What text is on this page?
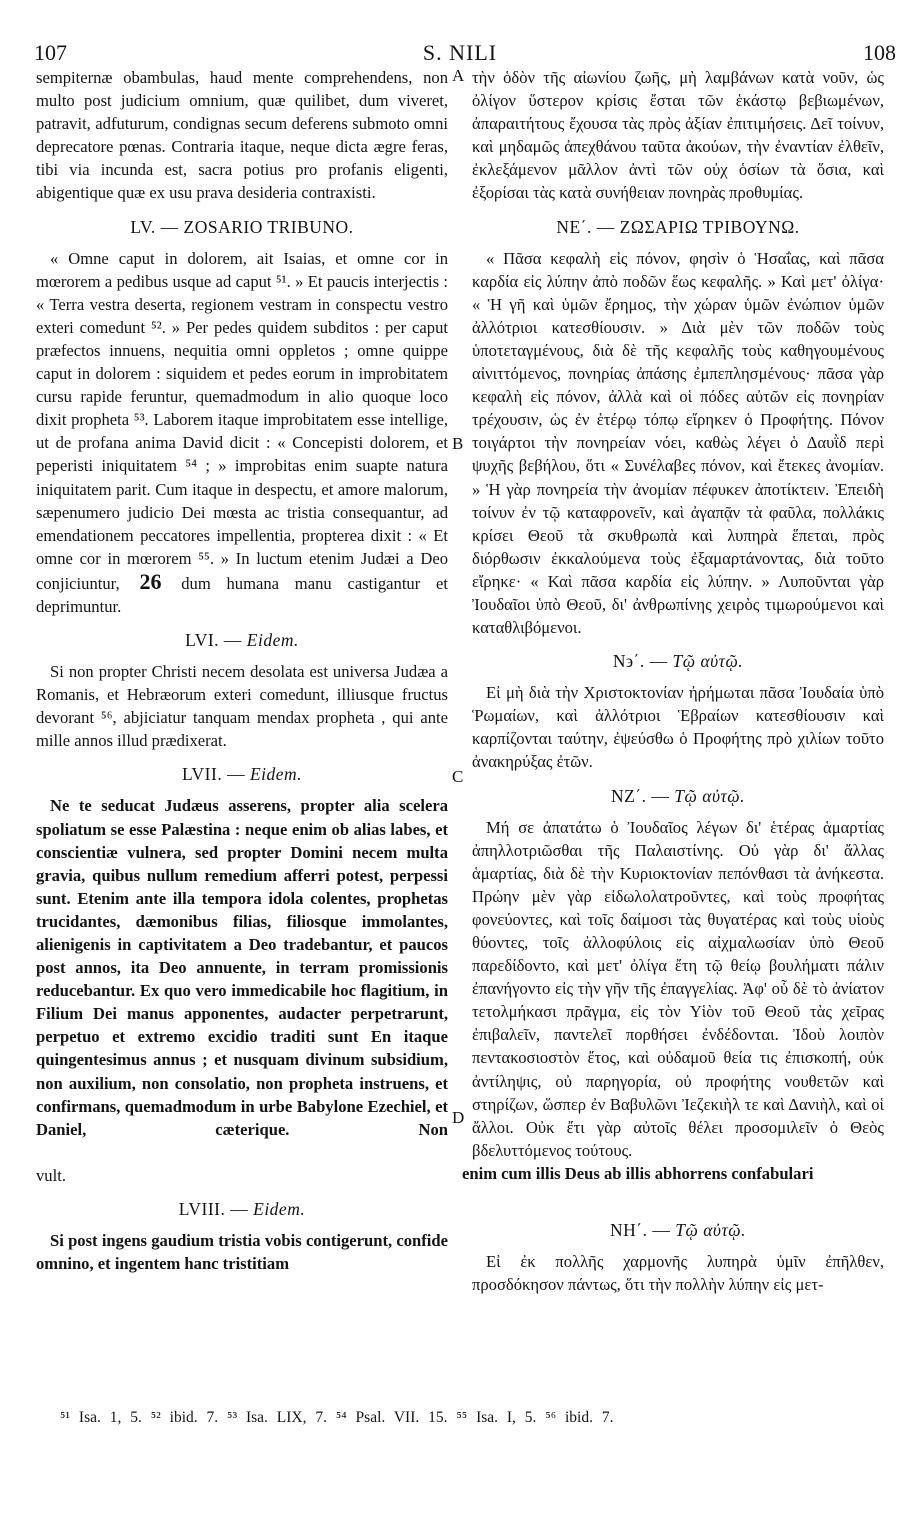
S. NILI
107	108
A
B
C
D

sempiternæ obambulas, haud mente comprehendens, non multo post judicium omnium, quæ quilibet, dum viveret, patravit, adfuturum, condignas secum deferens submoto omni deprecatore pœnas. Contraria itaque, neque dicta ægre feras, tibi via incunda est, sacra potius pro profanis eligenti, abigentique quæ ex usu prava desideria contraxisti.

LV. — ZOSARIO TRIBUNO.

« Omne caput in dolorem, ait Isaias, et omne cor in mœrorem a pedibus usque ad caput ⁵¹. » Et paucis interjectis : « Terra vestra deserta, regionem vestram in conspectu vestro exteri comedunt ⁵². » Per pedes quidem subditos : per caput præfectos innuens, nequitia omni oppletos ; omne quippe caput in dolorem : siquidem et pedes eorum in improbitatem cursu rapide feruntur, quemadmodum in alio quoque loco dixit propheta ⁵³. Laborem itaque improbitatem esse intellige, ut de profana anima David dicit : « Concepisti dolorem, et peperisti iniquitatem ⁵⁴ ; » improbitas enim suapte natura iniquitatem parit. Cum itaque in despectu, et amore malorum, sæpenumero judicio Dei mœsta ac tristia consequantur, ad emendationem peccatores impellentia, propterea dixit : « Et omne cor in mœrorem ⁵⁵. » In luctum etenim Judæi a Deo conjiciuntur, 26 dum humana manu castigantur et deprimuntur.

LVI. — Eidem.

Si non propter Christi necem desolata est universa Judæa a Romanis, et Hebræorum exteri comedunt, illiusque fructus devorant ⁵⁶, abjiciatur tanquam mendax propheta , qui ante mille annos illud prædixerat.

LVII. — Eidem.

Ne te seducat Judæus asserens, propter alia scelera spoliatum se esse Palæstina : neque enim ob alias labes, et conscientiæ vulnera, sed propter Domini necem multa gravia, quibus nullum remedium afferri potest, perpessi sunt. Etenim ante illa tempora idola colentes, prophetas trucidantes, dæmonibus filias, filiosque immolantes, alienigenis in captivitatem a Deo tradebantur, et paucos post annos, ita Deo annuente, in terram promissionis reducebantur. Ex quo vero immedicabile hoc flagitium, in Filium Dei manus apponentes, audacter perpetrarunt, perpetuo et extremo excidio traditi sunt En itaque quingentesimus annus ; et nusquam divinum subsidium, non auxilium, non consolatio, non propheta instruens, et confirmans, quemadmodum in urbe Babylone Ezechiel, et Daniel, cæterique. Non

vult.

LVIII. — Eidem.

Si post ingens gaudium tristia vobis contigerunt, confide omnino, et ingentem hanc tristitiam

τὴν ὁδὸν τῆς αἰωνίου ζωῆς, μὴ λαμβάνων κατὰ νοῦν, ὡς ὀλίγον ὕστερον κρίσις ἔσται τῶν ἑκάστῳ βεβιωμένων, ἀπαραιτήτους ἔχουσα τὰς πρὸς ἀξίαν ἐπιτιμήσεις. Δεῖ τοίνυν, καὶ μηδαμῶς ἀπεχθάνου ταῦτα ἀκούων, τὴν ἐναντίαν ἐλθεῖν, ἐκλεξάμενον μᾶλλον ἀντὶ τῶν οὐχ ὁσίων τὰ ὅσια, καὶ ἐξορίσαι τὰς κατὰ συνήθειαν πονηρὰς προθυμίας.

ΝΕ΄. — ΖΩΣΑΡΙΩ ΤΡΙΒΟΥΝΩ.

« Πᾶσα κεφαλὴ εἰς πόνον, φησὶν ὁ Ἡσαΐας, καὶ πᾶσα καρδία εἰς λύπην ἀπὸ ποδῶν ἕως κεφαλῆς. » Καὶ μετ' ὀλίγα· « Ἡ γῆ καὶ ὑμῶν ἔρημος, τὴν χώραν ὑμῶν ἐνώπιον ὑμῶν ἀλλότριοι κατεσθίουσιν. » Διὰ μὲν τῶν ποδῶν τοὺς ὑποτεταγμένους, διὰ δὲ τῆς κεφαλῆς τοὺς καθηγουμένους αἰνιττόμενος, πονηρίας ἀπάσης ἐμπεπλησμένους· πᾶσα γὰρ κεφαλὴ εἰς πόνον, ἀλλὰ καὶ οἱ πόδες αὐτῶν εἰς πονηρίαν τρέχουσιν, ὡς ἐν ἑτέρῳ τόπῳ εἴρηκεν ὁ Προφήτης. Πόνον τοιγάρτοι τὴν πονηρείαν νόει, καθὼς λέγει ὁ Δαυῒδ περὶ ψυχῆς βεβήλου, ὅτι « Συνέλαβες πόνον, καὶ ἔτεκες ἀνομίαν. » Ἡ γὰρ πονηρεία τὴν ἀνομίαν πέφυκεν ἀποτίκτειν. Ἐπειδὴ τοίνυν ἐν τῷ καταφρονεῖν, καὶ ἀγαπᾷν τὰ φαῦλα, πολλάκις κρίσει Θεοῦ τὰ σκυθρωπὰ καὶ λυπηρὰ ἕπεται, πρὸς διόρθωσιν ἐκκαλούμενα τοὺς ἐξαμαρτάνοντας, διὰ τοῦτο εἴρηκε· « Καὶ πᾶσα καρδία εἰς λύπην. » Λυποῦνται γὰρ Ἰουδαῖοι ὑπὸ Θεοῦ, δι' ἀνθρωπίνης χειρὸς τιμωρούμενοι καὶ καταθλιβόμενοι.

Ν϶΄. — Τῷ αὐτῷ.

Εἰ μὴ διὰ τὴν Χριστοκτονίαν ἠρήμωται πᾶσα Ἰουδαία ὑπὸ Ῥωμαίων, καὶ ἀλλότριοι Ἑβραίων κατεσθίουσιν καὶ καρπίζονται ταύτην, ἐψεύσθω ὁ Προφήτης πρὸ χιλίων τοῦτο ἀνακηρύξας ἐτῶν.

ΝΖ΄. — Τῷ αὐτῷ.

Μή σε ἀπατάτω ὁ Ἰουδαῖος λέγων δι' ἑτέρας ἁμαρτίας ἀπηλλοτριῶσθαι τῆς Παλαιστίνης. Οὐ γὰρ δι' ἄλλας ἁμαρτίας, διὰ δὲ τὴν Κυριοκτονίαν πεπόνθασι τὰ ἀνήκεστα. Πρώην μὲν γὰρ εἰδωλολατροῦντες, καὶ τοὺς προφήτας φονεύοντες, καὶ τοῖς δαίμοσι τὰς θυγατέρας καὶ τοὺς υἱοὺς θύοντες, τοῖς ἀλλοφύλοις εἰς αἰχμαλωσίαν ὑπὸ Θεοῦ παρεδίδοντο, καὶ μετ' ὀλίγα ἔτη τῷ θείῳ βουλήματι πάλιν ἐπανήγοντο εἰς τὴν γῆν τῆς ἐπαγγελίας. Ἀφ' οὗ δὲ τὸ ἀνίατον τετολμήκασι πρᾶγμα, εἰς τὸν Υἱὸν τοῦ Θεοῦ τὰς χεῖρας ἐπιβαλεῖν, παντελεῖ πορθήσει ἐνδέδονται. Ἰδοὺ λοιπὸν πεντακοσιοστὸν ἔτος, καὶ οὐδαμοῦ θεία τις ἐπισκοπή, οὐκ ἀντίληψις, οὐ παρηγορία, οὐ προφήτης νουθετῶν καὶ στηρίζων, ὥσπερ ἐν Βαβυλῶνι Ἰεζεκιὴλ τε καὶ Δανιὴλ, καὶ οἱ ἄλλοι. Οὐκ ἔτι γὰρ αὐτοῖς θέλει προσομιλεῖν ὁ Θεὸς βδελυττόμενος τούτους.

enim cum illis Deus ab illis abhorrens confabulari

ΝΗ΄. — Τῷ αὐτῷ.

Εἰ ἐκ πολλῆς χαρμονῆς λυπηρὰ ὑμῖν ἐπῆλθεν, προσδόκησον πάντως, ὅτι τὴν πολλὴν λύπην εἰς μετ-

⁵¹ Isa. 1, 5. ⁵² ibid. 7. ⁵³ Isa. LIX, 7. ⁵⁴ Psal. VII. 15. ⁵⁵ Isa. I, 5. ⁵⁶ ibid. 7.
